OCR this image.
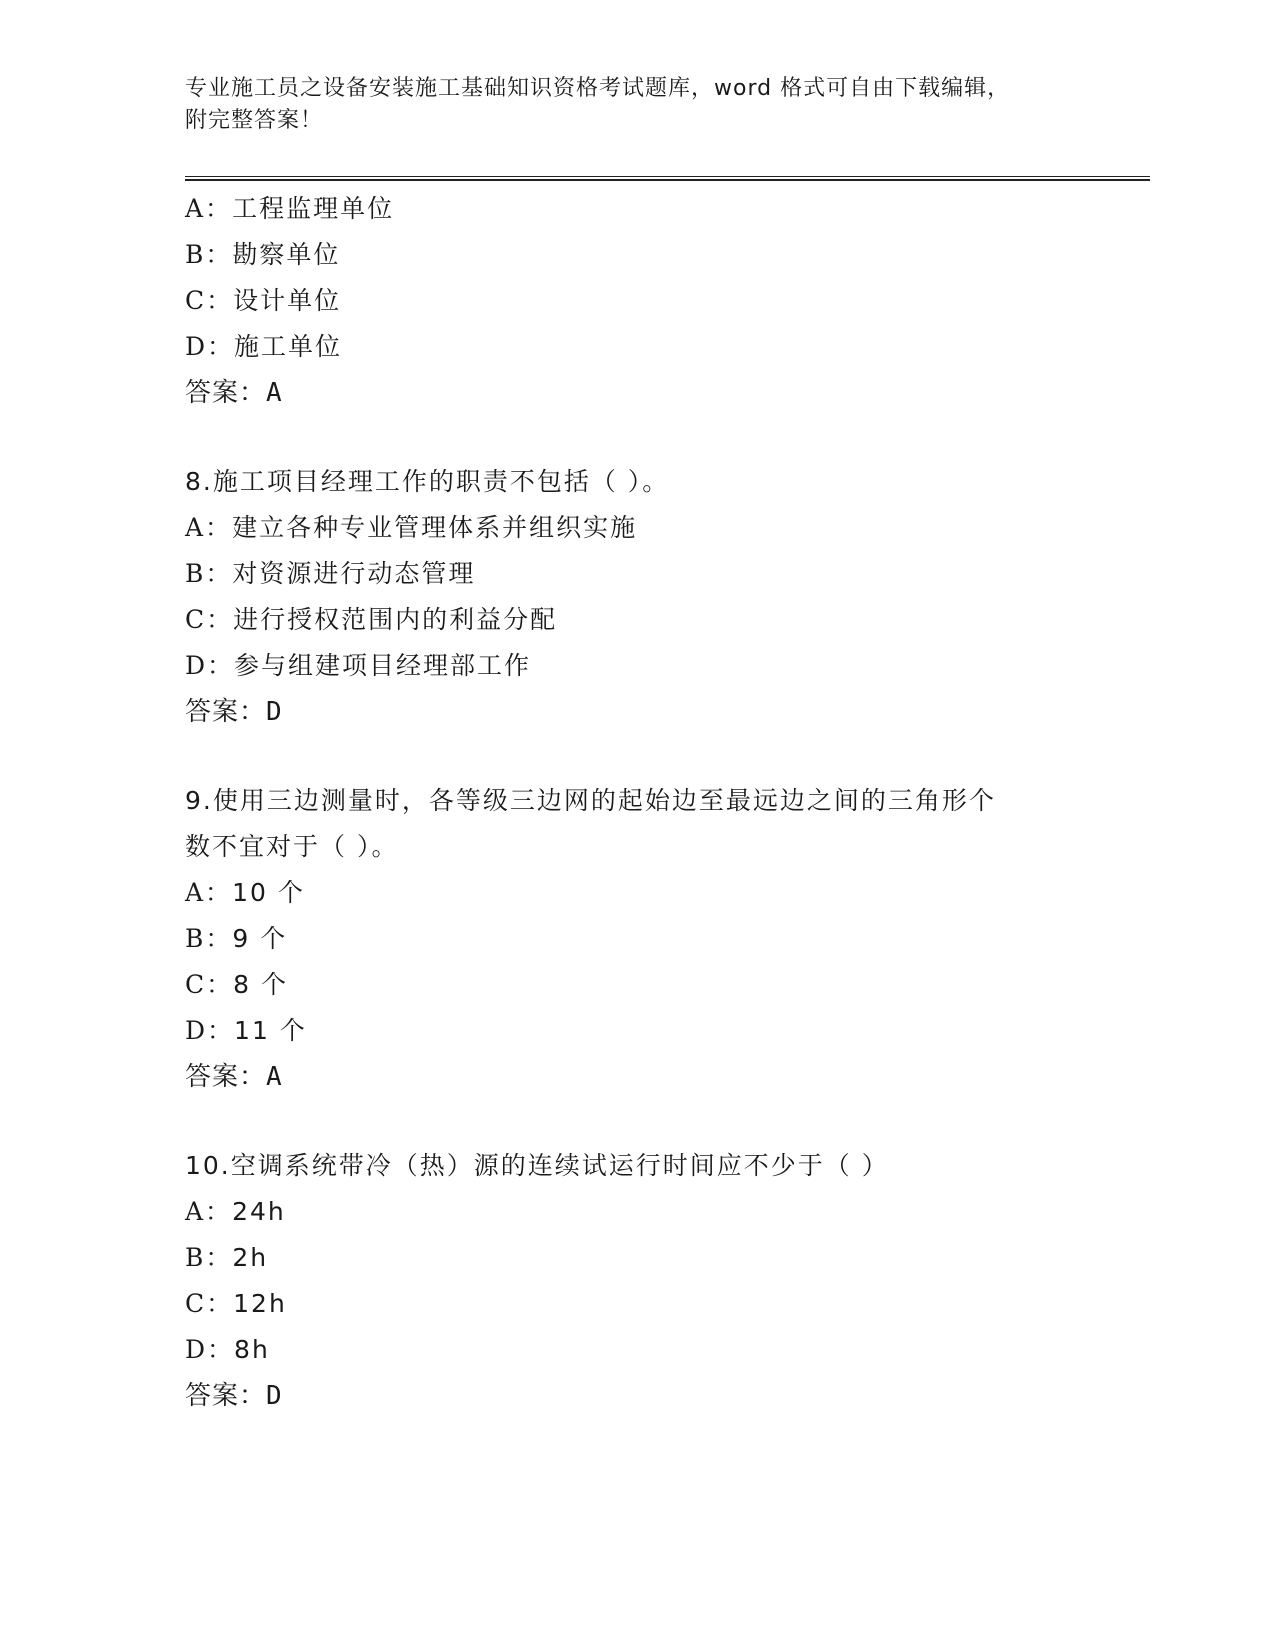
专业施工员之设备安装施工基础知识资格考试题库，word 格式可自由下载编辑，
附完整答案！
A：工程监理单位
B：勘察单位
C：设计单位
D：施工单位
答案：A
8.施工项目经理工作的职责不包括（ ）。
A：建立各种专业管理体系并组织实施
B：对资源进行动态管理
C：进行授权范围内的利益分配
D：参与组建项目经理部工作
答案：D
9.使用三边测量时，各等级三边网的起始边至最远边之间的三角形个
数不宜对于（ ）。
A：10 个
B：9 个
C：8 个
D：11 个
答案：A
10.空调系统带冷（热）源的连续试运行时间应不少于（ ）
A：24h
B：2h
C：12h
D：8h
答案：D
